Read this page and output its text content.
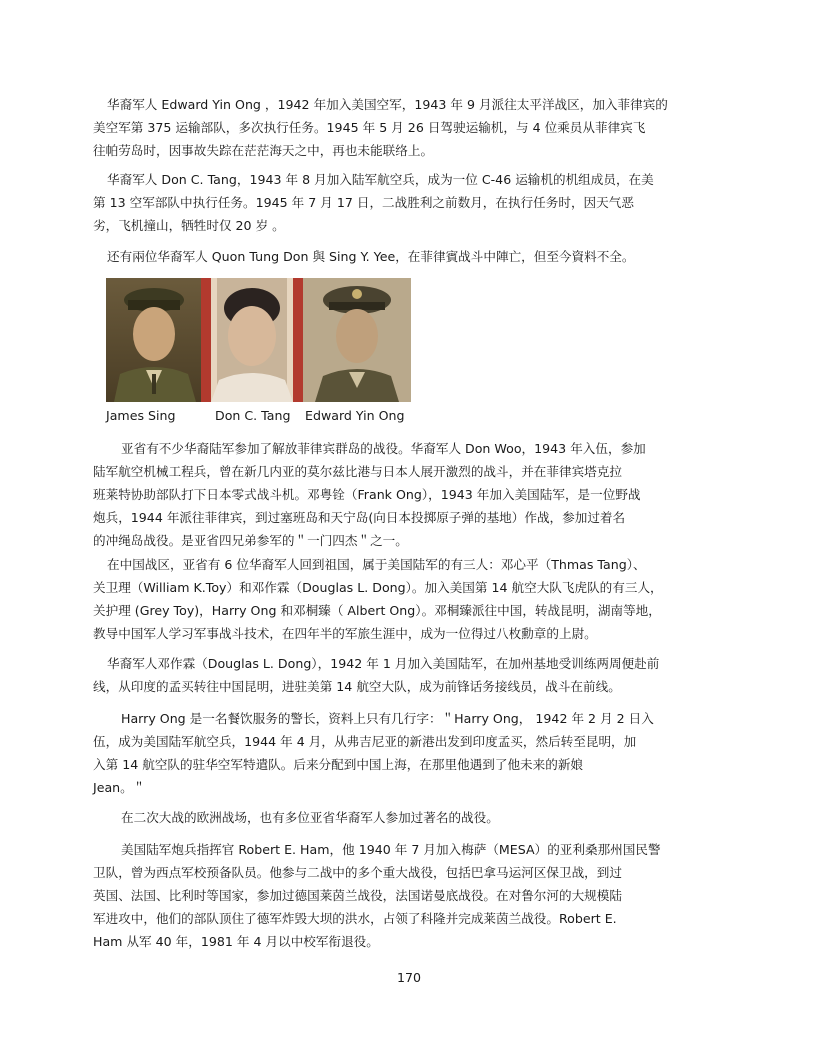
华裔军人 Edward Yin Ong ，1942 年加入美国空军，1943 年 9 月派往太平洋战区，加入菲律宾的
美空军第 375 运输部队，多次执行任务。1945 年 5 月 26 日驾驶运输机，与 4 位乘员从菲律宾飞
往帕劳岛时，因事故失踪在茫茫海天之中，再也未能联络上。
华裔军人 Don C. Tang，1943 年 8 月加入陆军航空兵，成为一位 C-46 运输机的机组成员，在美
第 13 空军部队中执行任务。1945 年 7 月 17 日，二战胜利之前数月，在执行任务时，因天气恶
劣，飞机撞山，牺牲时仅 20 岁 。
还有兩位华裔军人 Quon Tung Don 與 Sing Y. Yee，在菲律賓战斗中陣亡，但至今資料不全。
James Sing	Don C. Tang Edward Yin Ong
亚省有不少华裔陆军参加了解放菲律宾群岛的战役。华裔军人 Don Woo，1943 年入伍，参加
陆军航空机械工程兵，曾在新几内亚的莫尔兹比港与日本人展开激烈的战斗，并在菲律宾塔克拉
班莱特协助部队打下日本零式战斗机。邓粤铨（Frank Ong），1943 年加入美国陆军，是一位野战
炮兵，1944 年派往菲律宾，到过塞班岛和天宁岛(向日本投掷原子弹的基地）作战，参加过着名
的冲绳岛战役。是亚省四兄弟参军的＂一门四杰＂之一。
在中国战区，亚省有 6 位华裔军人回到祖国，属于美国陆军的有三人：邓心平（Thmas Tang）、
关卫理（William K.Toy）和邓作霖（Douglas L. Dong）。加入美国第 14 航空大队飞虎队的有三人，
关护理 (Grey Toy)，Harry Ong 和邓桐臻（ Albert Ong）。邓桐臻派往中国，转战昆明，湖南等地，
教导中国军人学习军事战斗技术，在四年半的军旅生涯中，成为一位得过八枚勳章的上尉。
华裔军人邓作霖（Douglas L. Dong），1942 年 1 月加入美国陆军，在加州基地受训练两周便赴前
线，从印度的孟买转往中国昆明，进驻美第 14 航空大队，成为前锋话务接线员，战斗在前线。
Harry Ong 是一名餐饮服务的警长，资料上只有几行字：＂Harry Ong， 1942 年 2 月 2 日入
伍，成为美国陆军航空兵，1944 年 4 月，从弗吉尼亚的新港出发到印度孟买，然后转至昆明，加
入第 14 航空队的驻华空军特遣队。后来分配到中国上海，在那里他遇到了他未来的新娘
Jean。＂
在二次大战的欧洲战场，也有多位亚省华裔军人参加过著名的战役。
美国陆军炮兵指挥官 Robert E. Ham，他 1940 年 7 月加入梅萨（MESA）的亚利桑那州国民警
卫队，曾为西点军校预备队员。他参与二战中的多个重大战役，包括巴拿马运河区保卫战，到过
英国、法国、比利时等国家，参加过德国莱茵兰战役，法国诺曼底战役。在对鲁尔河的大规模陆
军进攻中，他们的部队顶住了德军炸毁大坝的洪水，占领了科隆并完成莱茵兰战役。Robert E.
Ham 从军 40 年，1981 年 4 月以中校军衔退役。
170
